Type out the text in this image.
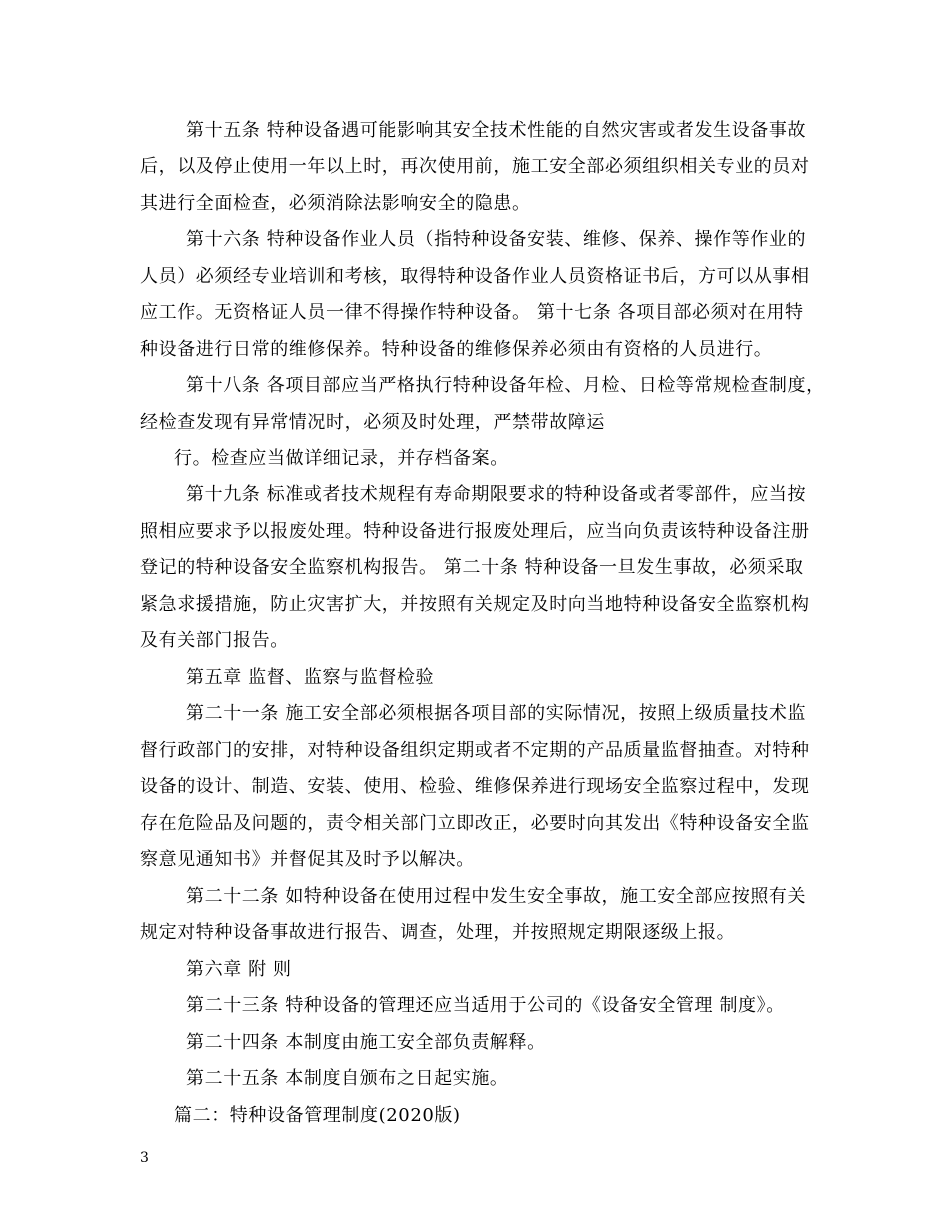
第十五条 特种设备遇可能影响其安全技术性能的自然灾害或者发生设备事故
后，以及停止使用一年以上时，再次使用前，施工安全部必须组织相关专业的员对
其进行全面检查，必须消除法影响安全的隐患。
第十六条 特种设备作业人员（指特种设备安装、维修、保养、操作等作业的
人员）必须经专业培训和考核，取得特种设备作业人员资格证书后，方可以从事相
应工作。无资格证人员一律不得操作特种设备。 第十七条 各项目部必须对在用特
种设备进行日常的维修保养。特种设备的维修保养必须由有资格的人员进行。
第十八条 各项目部应当严格执行特种设备年检、月检、日检等常规检查制度，
经检查发现有异常情况时，必须及时处理，严禁带故障运
行。检查应当做详细记录，并存档备案。
第十九条 标准或者技术规程有寿命期限要求的特种设备或者零部件，应当按
照相应要求予以报废处理。特种设备进行报废处理后，应当向负责该特种设备注册
登记的特种设备安全监察机构报告。 第二十条 特种设备一旦发生事故，必须采取
紧急求援措施，防止灾害扩大，并按照有关规定及时向当地特种设备安全监察机构
及有关部门报告。
第五章 监督、监察与监督检验
第二十一条 施工安全部必须根据各项目部的实际情况，按照上级质量技术监
督行政部门的安排，对特种设备组织定期或者不定期的产品质量监督抽查。对特种
设备的设计、制造、安装、使用、检验、维修保养进行现场安全监察过程中，发现
存在危险品及问题的，责令相关部门立即改正，必要时向其发出《特种设备安全监
察意见通知书》并督促其及时予以解决。
第二十二条 如特种设备在使用过程中发生安全事故，施工安全部应按照有关
规定对特种设备事故进行报告、调查，处理，并按照规定期限逐级上报。
第六章 附 则
第二十三条 特种设备的管理还应当适用于公司的《设备安全管理 制度》。
第二十四条 本制度由施工安全部负责解释。
第二十五条 本制度自颁布之日起实施。
篇二：特种设备管理制度(2020版)
3
